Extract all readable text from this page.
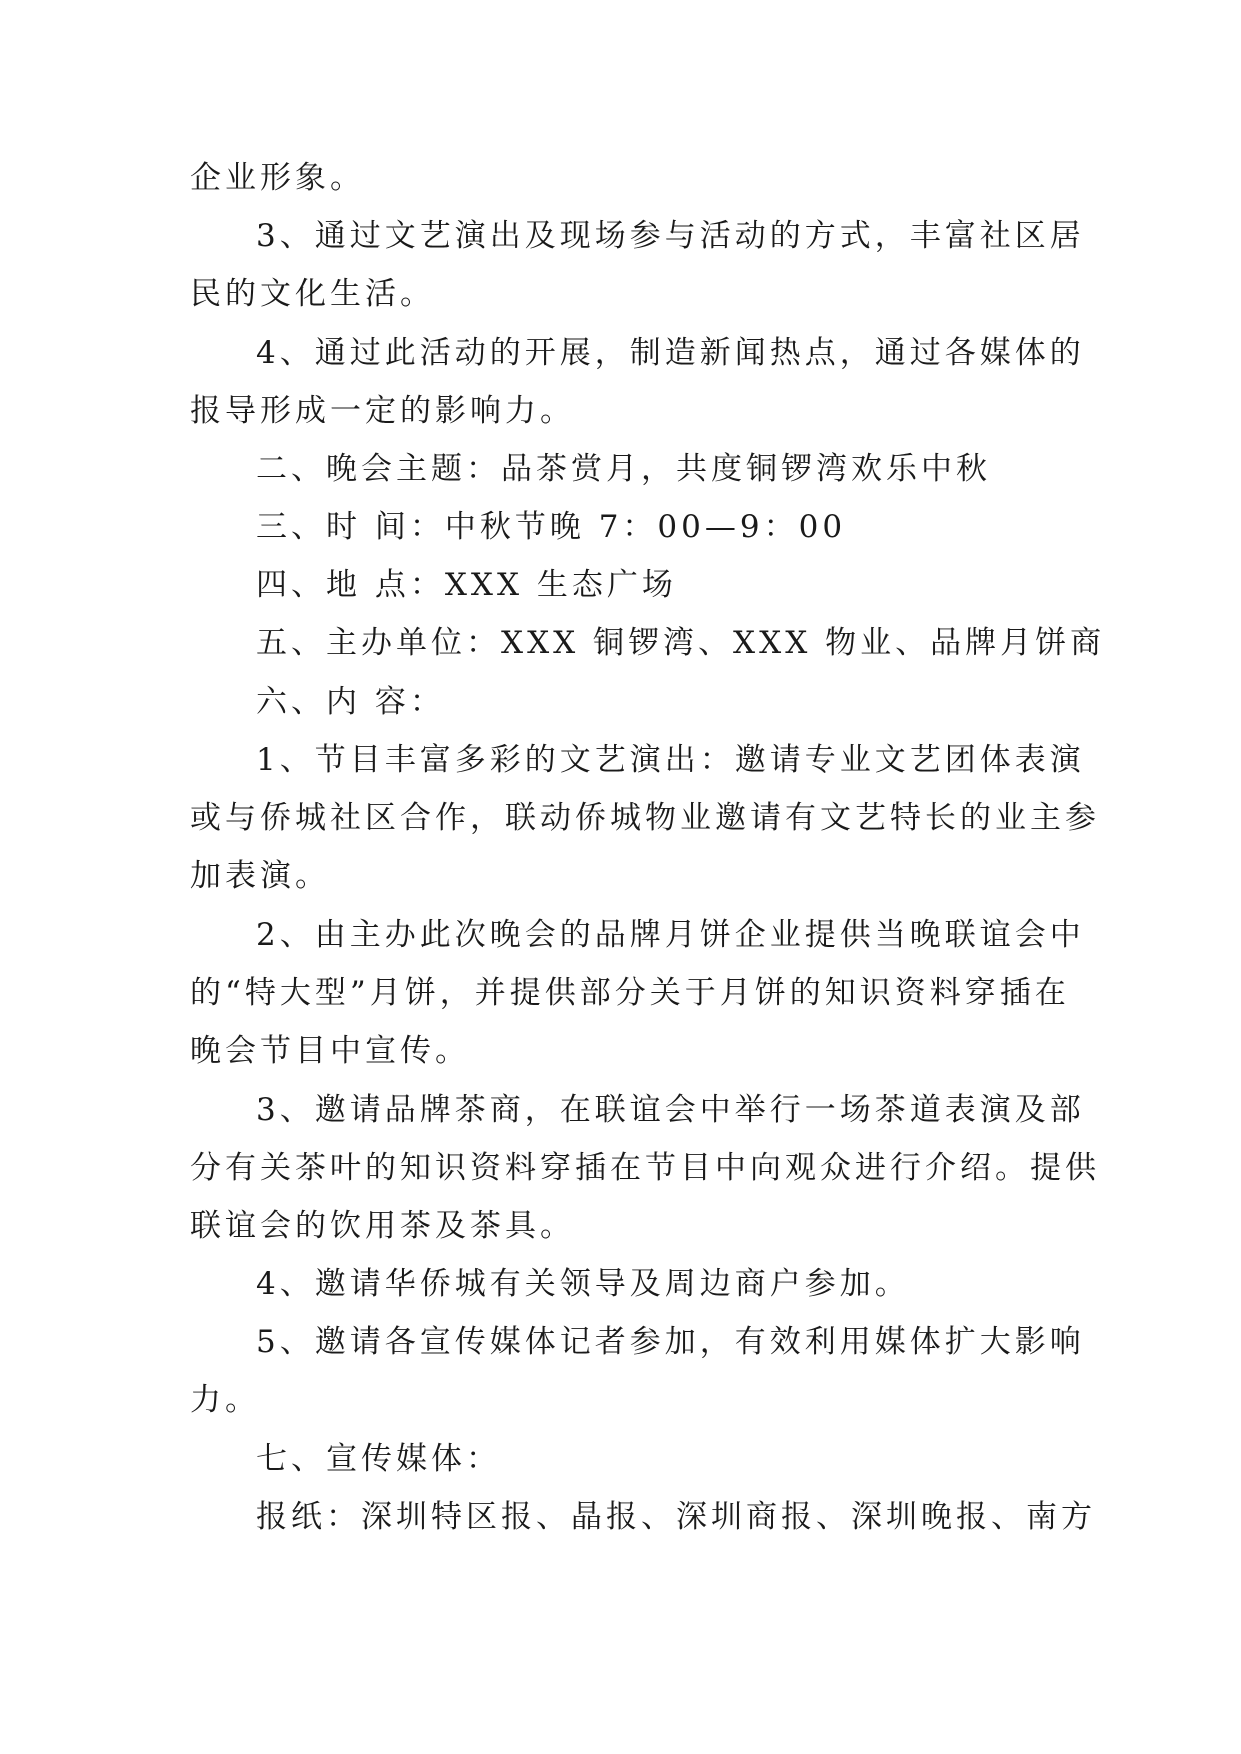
企业形象。
3、通过文艺演出及现场参与活动的方式，丰富社区居
民的文化生活。
4、通过此活动的开展，制造新闻热点，通过各媒体的
报导形成一定的影响力。
二、晚会主题：品茶赏月，共度铜锣湾欢乐中秋
三、时 间：中秋节晚 7：00—9：00
四、地 点：XXX 生态广场
五、主办单位：XXX 铜锣湾、XXX 物业、品牌月饼商
六、内 容：
1、节目丰富多彩的文艺演出：邀请专业文艺团体表演
或与侨城社区合作，联动侨城物业邀请有文艺特长的业主参
加表演。
2、由主办此次晚会的品牌月饼企业提供当晚联谊会中
的“特大型”月饼，并提供部分关于月饼的知识资料穿插在
晚会节目中宣传。
3、邀请品牌茶商，在联谊会中举行一场茶道表演及部
分有关茶叶的知识资料穿插在节目中向观众进行介绍。提供
联谊会的饮用茶及茶具。
4、邀请华侨城有关领导及周边商户参加。
5、邀请各宣传媒体记者参加，有效利用媒体扩大影响
力。
七、宣传媒体：
报纸：深圳特区报、晶报、深圳商报、深圳晚报、南方
